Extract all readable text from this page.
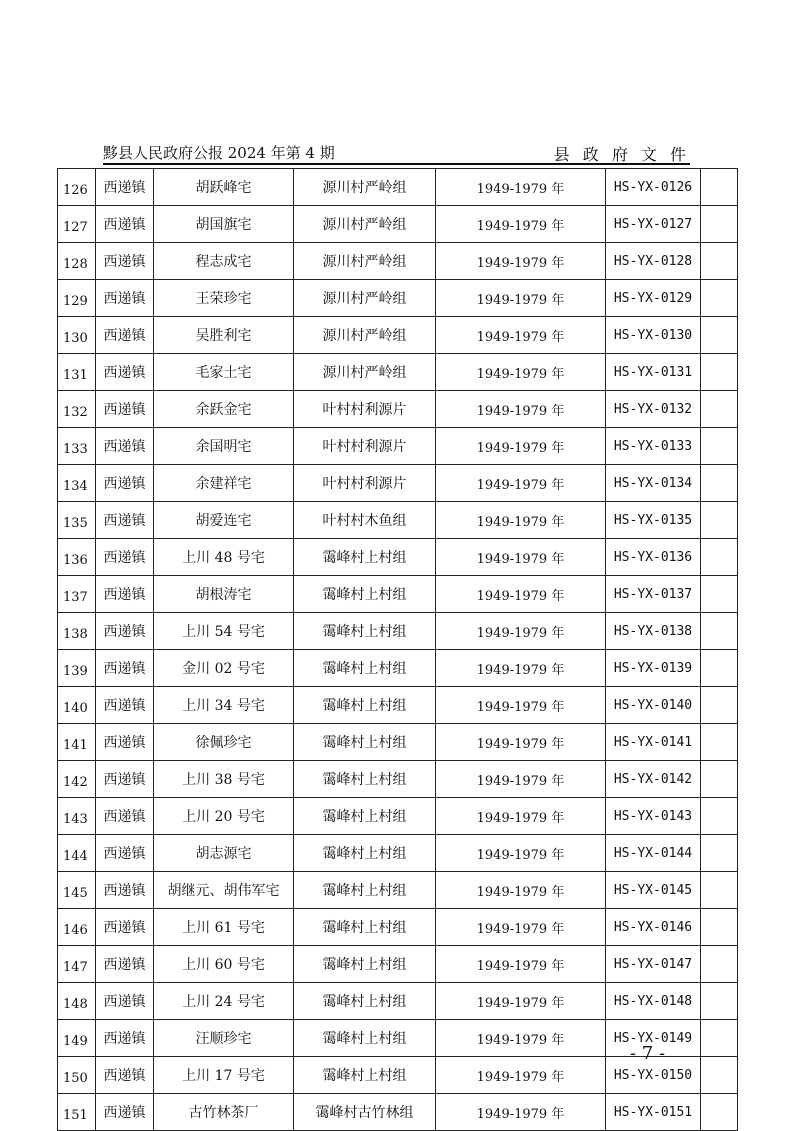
黟县人民政府公报 2024 年第 4 期	县 政 府 文 件
126	西递镇	胡跃峰宅	源川村严岭组	1949-1979 年	HS-YX-0126	
127	西递镇	胡国旗宅	源川村严岭组	1949-1979 年	HS-YX-0127	
128	西递镇	程志成宅	源川村严岭组	1949-1979 年	HS-YX-0128	
129	西递镇	王荣珍宅	源川村严岭组	1949-1979 年	HS-YX-0129	
130	西递镇	吴胜利宅	源川村严岭组	1949-1979 年	HS-YX-0130	
131	西递镇	毛家土宅	源川村严岭组	1949-1979 年	HS-YX-0131	
132	西递镇	余跃金宅	叶村村利源片	1949-1979 年	HS-YX-0132	
133	西递镇	余国明宅	叶村村利源片	1949-1979 年	HS-YX-0133	
134	西递镇	余建祥宅	叶村村利源片	1949-1979 年	HS-YX-0134	
135	西递镇	胡爱连宅	叶村村木鱼组	1949-1979 年	HS-YX-0135	
136	西递镇	上川 48 号宅	霭峰村上村组	1949-1979 年	HS-YX-0136	
137	西递镇	胡根涛宅	霭峰村上村组	1949-1979 年	HS-YX-0137	
138	西递镇	上川 54 号宅	霭峰村上村组	1949-1979 年	HS-YX-0138	
139	西递镇	金川 02 号宅	霭峰村上村组	1949-1979 年	HS-YX-0139	
140	西递镇	上川 34 号宅	霭峰村上村组	1949-1979 年	HS-YX-0140	
141	西递镇	徐佩珍宅	霭峰村上村组	1949-1979 年	HS-YX-0141	
142	西递镇	上川 38 号宅	霭峰村上村组	1949-1979 年	HS-YX-0142	
143	西递镇	上川 20 号宅	霭峰村上村组	1949-1979 年	HS-YX-0143	
144	西递镇	胡志源宅	霭峰村上村组	1949-1979 年	HS-YX-0144	
145	西递镇	胡继元、胡伟军宅	霭峰村上村组	1949-1979 年	HS-YX-0145	
146	西递镇	上川 61 号宅	霭峰村上村组	1949-1979 年	HS-YX-0146	
147	西递镇	上川 60 号宅	霭峰村上村组	1949-1979 年	HS-YX-0147	
148	西递镇	上川 24 号宅	霭峰村上村组	1949-1979 年	HS-YX-0148	
149	西递镇	汪顺珍宅	霭峰村上村组	1949-1979 年	HS-YX-0149	
150	西递镇	上川 17 号宅	霭峰村上村组	1949-1979 年	HS-YX-0150	
151	西递镇	古竹林茶厂	霭峰村古竹林组	1949-1979 年	HS-YX-0151	
- 7 -
